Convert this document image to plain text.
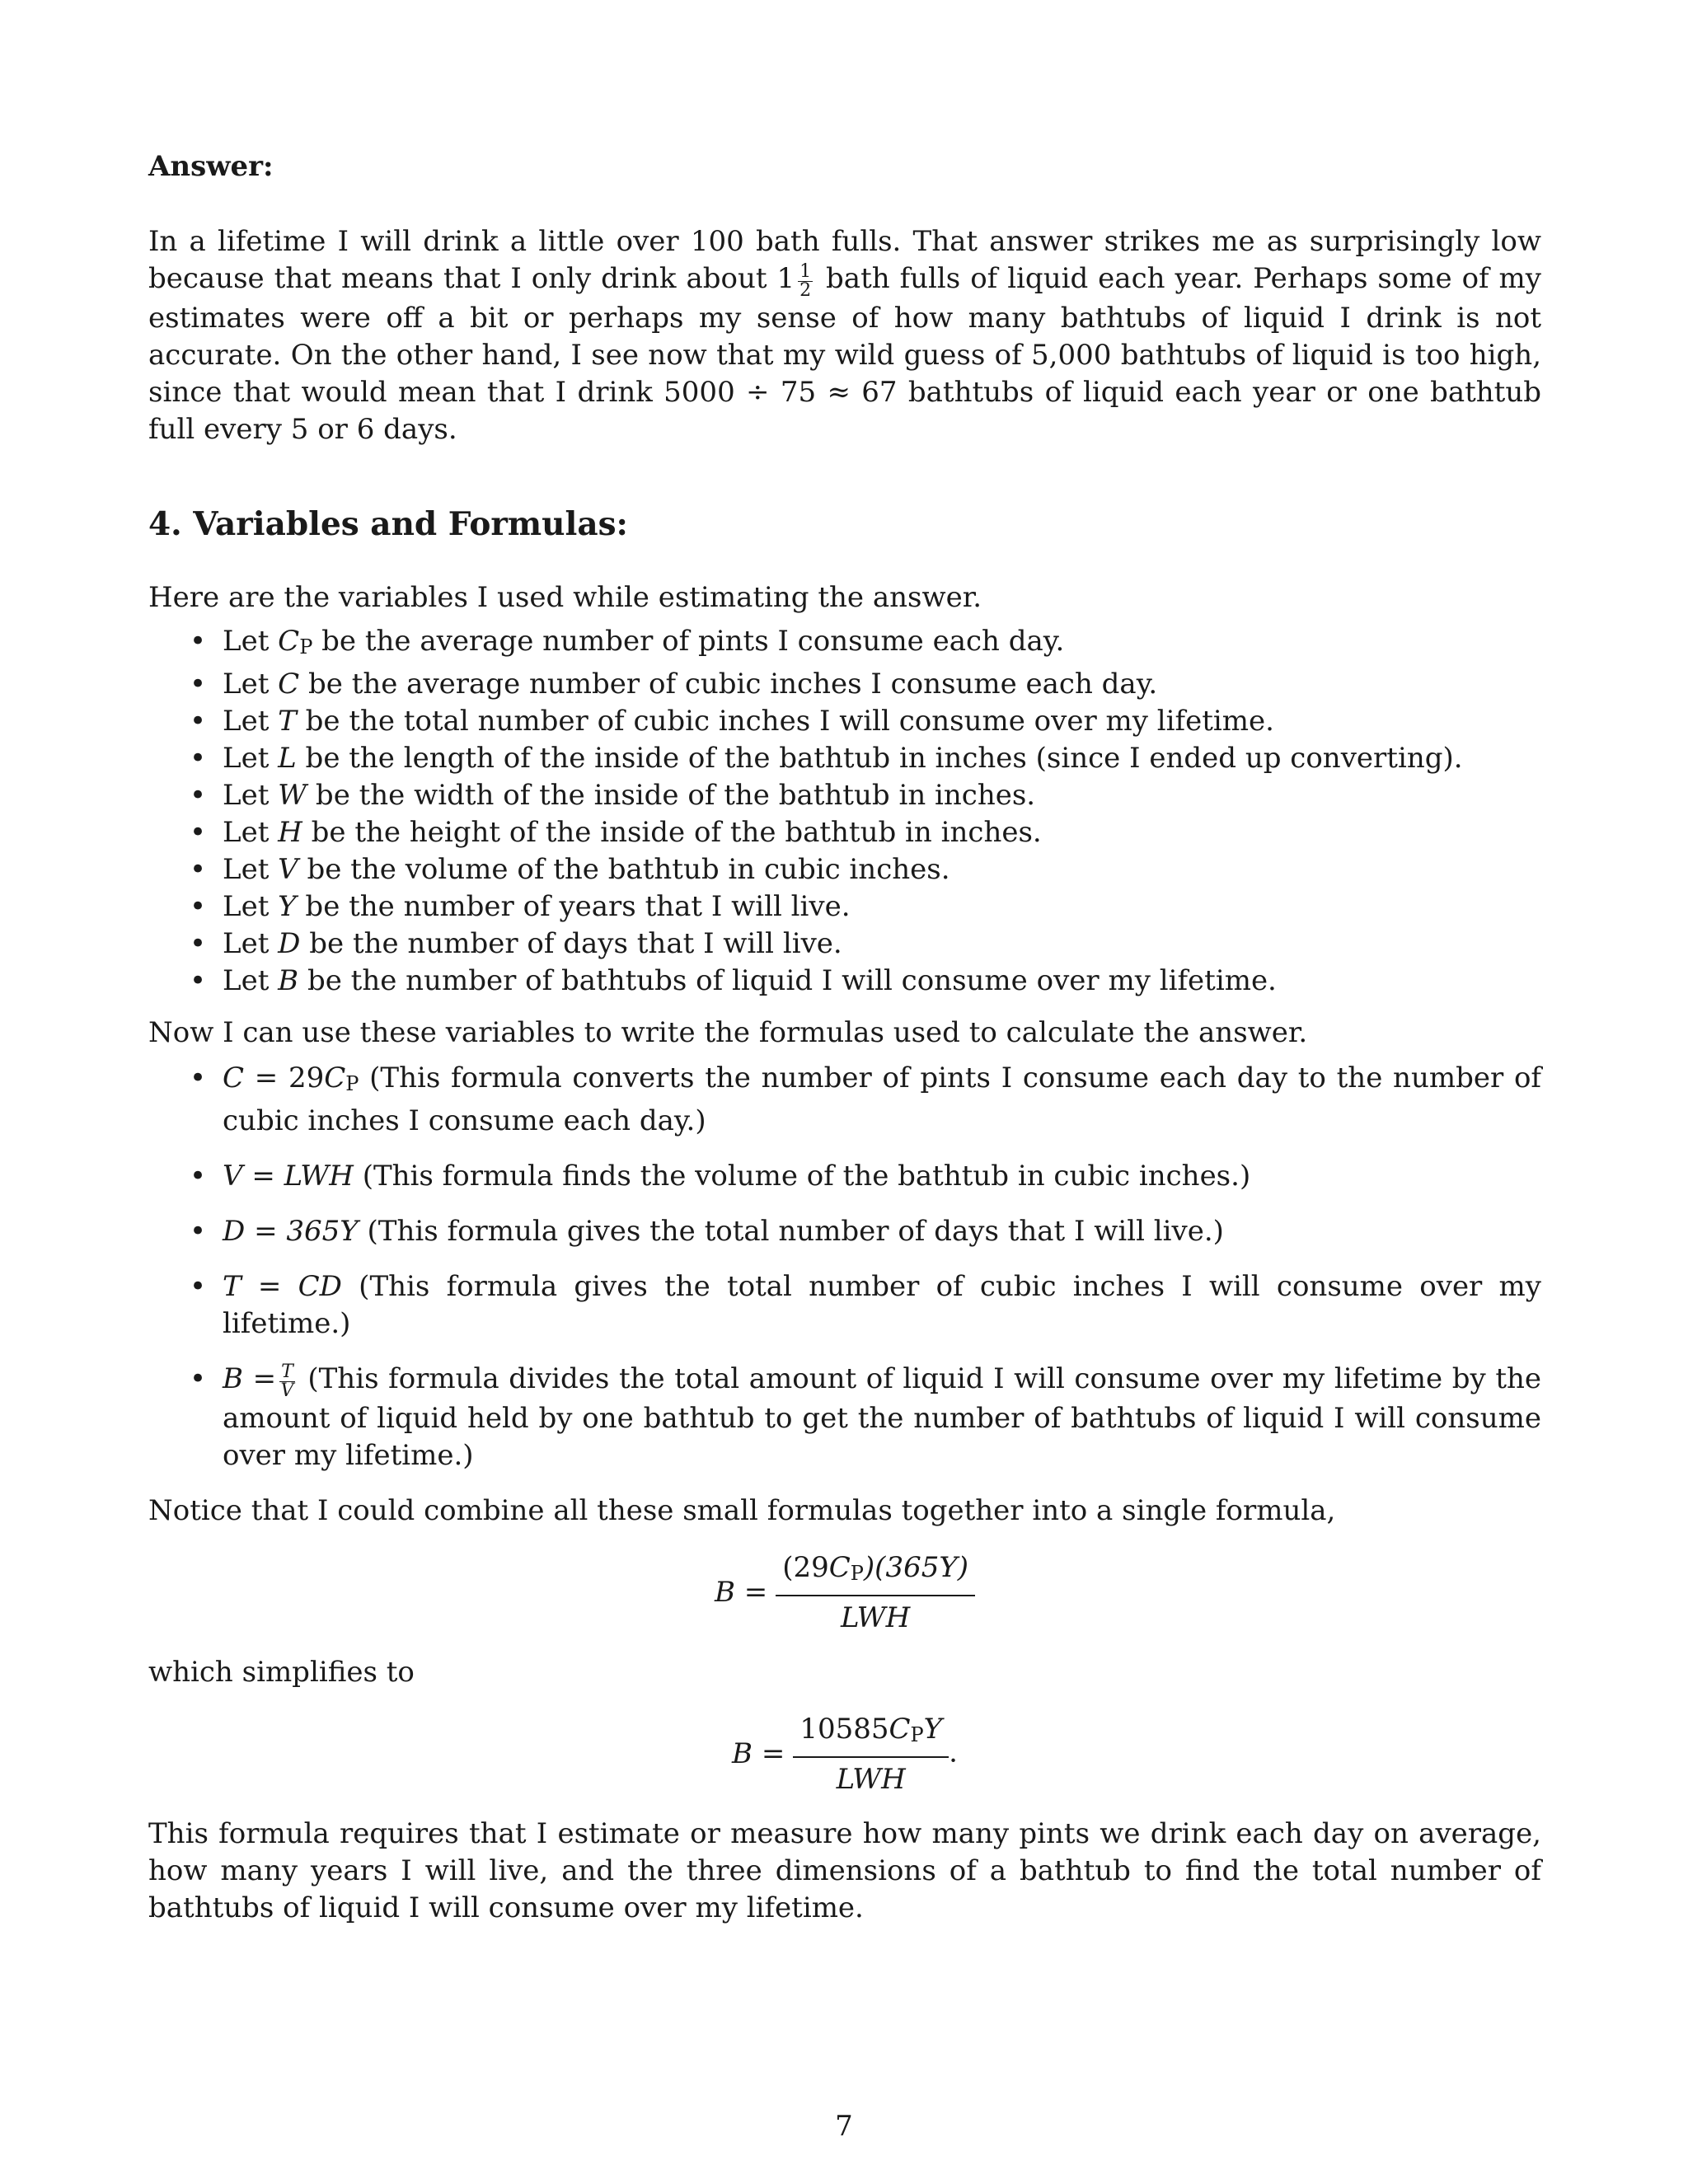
Answer:

In a lifetime I will drink a little over 100 bath fulls. That answer strikes me as surprisingly low because that means that I only drink about $1 \frac{1}{2}$ bath fulls of liquid each year. Perhaps some of my estimates were off a bit or perhaps my sense of how many bathtubs of liquid I drink is not accurate. On the other hand, I see now that my wild guess of 5,000 bathtubs of liquid is too high, since that would mean that I drink 5000 ÷ 75 ≈ 67 bathtubs of liquid each year or one bathtub full every 5 or 6 days.

4. Variables and Formulas:

Here are the variables I used while estimating the answer.

• Let CP be the average number of pints I consume each day.
• Let C be the average number of cubic inches I consume each day.
• Let T be the total number of cubic inches I will consume over my lifetime.
• Let L be the length of the inside of the bathtub in inches (since I ended up converting).
• Let W be the width of the inside of the bathtub in inches.
• Let H be the height of the inside of the bathtub in inches.
• Let V be the volume of the bathtub in cubic inches.
• Let Y be the number of years that I will live.
• Let D be the number of days that I will live.
• Let B be the number of bathtubs of liquid I will consume over my lifetime.

Now I can use these variables to write the formulas used to calculate the answer.

• C = 29CP (This formula converts the number of pints I consume each day to the number of cubic inches I consume each day.)
• V = LWH (This formula finds the volume of the bathtub in cubic inches.)
• D = 365Y (This formula gives the total number of days that I will live.)
• T = CD (This formula gives the total number of cubic inches I will consume over my lifetime.)
• $B = \frac{T}{V}$ (This formula divides the total amount of liquid I will consume over my lifetime by the amount of liquid held by one bathtub to get the number of bathtubs of liquid I will consume over my lifetime.)

Notice that I could combine all these small formulas together into a single formula,

B =
(29CP)(365Y)
LWH

which simplifies to

B =
10585CPY
LWH
.

This formula requires that I estimate or measure how many pints we drink each day on average, how many years I will live, and the three dimensions of a bathtub to find the total number of bathtubs of liquid I will consume over my lifetime.

7
